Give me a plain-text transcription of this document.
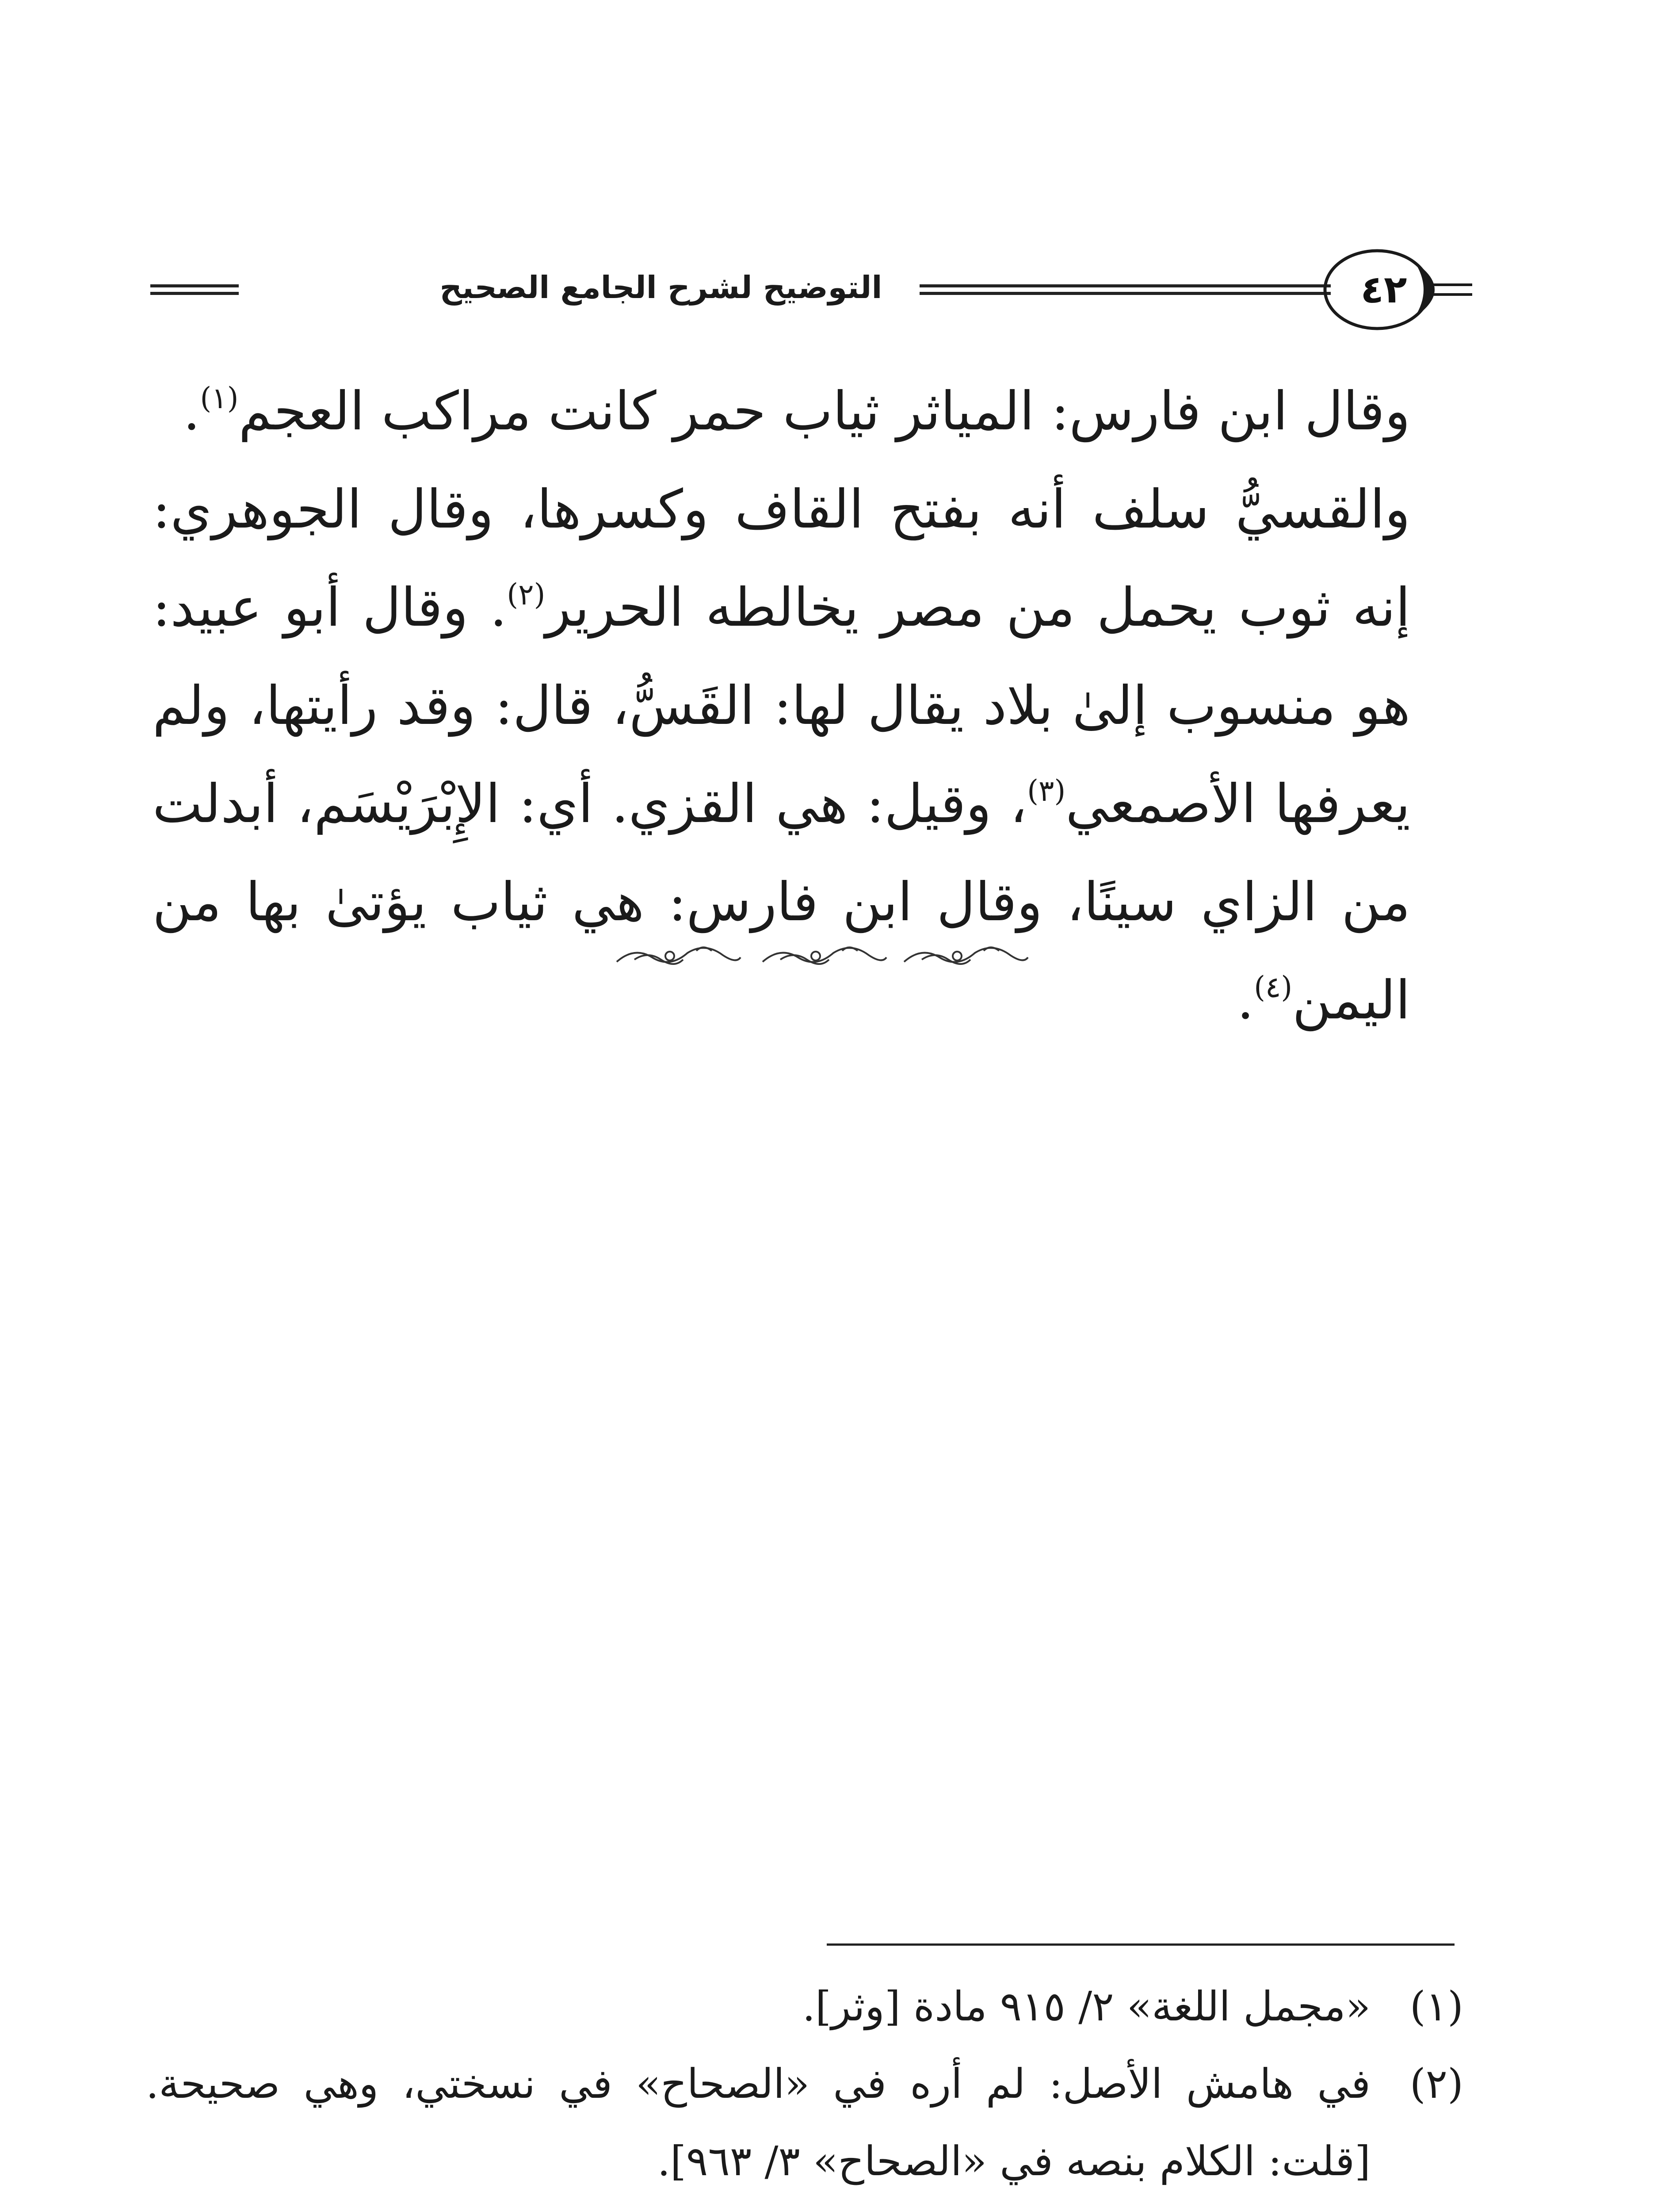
التوضيح لشرح الجامع الصحيح	٤٢

وقال ابن فارس: المياثر ثياب حمر كانت مراكب العجم$^{(١)}$.

والقسيُّ سلف أنه بفتح القاف وكسرها، وقال الجوهري: إنه ثوب يحمل من مصر يخالطه الحرير$^{(٢)}$. وقال أبو عبيد: هو منسوب إلىٰ بلاد يقال لها: القَسُّ، قال: وقد رأيتها، ولم يعرفها الأصمعي$^{(٣)}$، وقيل: هي القزي. أي: الإِبْرَيْسَم، أبدلت من الزاي سينًا، وقال ابن فارس: هي ثياب يؤتىٰ بها من اليمن$^{(٤)}$.

(١)
«مجمل اللغة» ٢/ ٩١٥ مادة [وثر].
(٢)
في هامش الأصل: لم أره في «الصحاح» في نسختي، وهي صحيحة. [قلت: الكلام بنصه في «الصحاح» ٣/ ٩٦٣].
